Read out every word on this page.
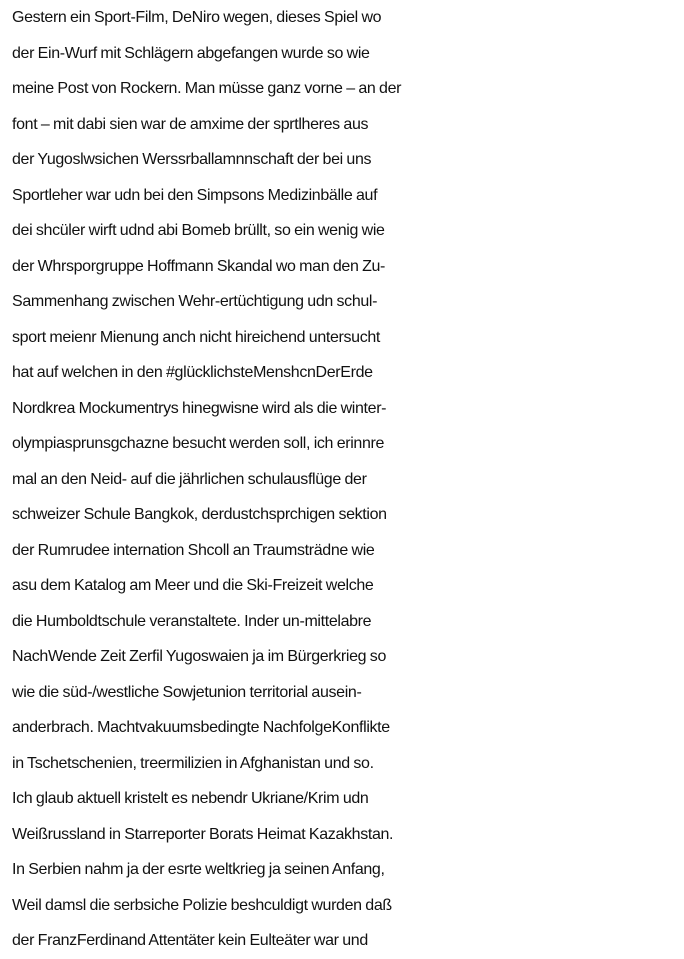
Gestern ein Sport-Film, DeNiro wegen, dieses Spiel wo
der Ein-Wurf mit Schlägern abgefangen wurde so wie
meine Post von Rockern. Man müsse ganz vorne – an der
font – mit dabi sien war de amxime der sprtlheres aus
der Yugoslwsichen Werssrballamnnschaft der bei uns
Sportleher war udn bei den Simpsons Medizinbälle auf
dei shcüler wirft udnd abi Bomeb brüllt, so ein wenig wie
der Whrsporgruppe Hoffmann Skandal wo man den Zu-
Sammenhang zwischen Wehr-ertüchtigung udn schul-
sport meienr Mienung anch nicht hireichend untersucht
hat auf welchen in den #glücklichsteMenshcnDerErde
Nordkrea Mockumentrys hinegwisne wird als die winter-
olympiasprunsgchazne besucht werden soll, ich erinnre
mal an den Neid- auf die jährlichen schulausflüge der
schweizer Schule Bangkok, derdustchsprchigen sektion
der Rumrudee internation Shcoll an Traumsträdne wie
asu dem Katalog am Meer und die Ski-Freizeit welche
die Humboldtschule veranstaltete. Inder un-mittelabre
NachWende Zeit Zerfil Yugoswaien ja im Bürgerkrieg so
wie die süd-/westliche Sowjetunion territorial ausein-
anderbrach. Machtvakuumsbedingte NachfolgeKonflikte
in Tschetschenien, treermilizien in Afghanistan und so.
Ich glaub aktuell kristelt es nebendr Ukriane/Krim udn
Weißrussland in Starreporter Borats Heimat Kazakhstan.
In Serbien nahm ja der esrte weltkrieg ja seinen Anfang,
Weil damsl die serbsiche Polizie beshculdigt wurden daß
der FranzFerdinand Attentäter kein Eulteäter war und
